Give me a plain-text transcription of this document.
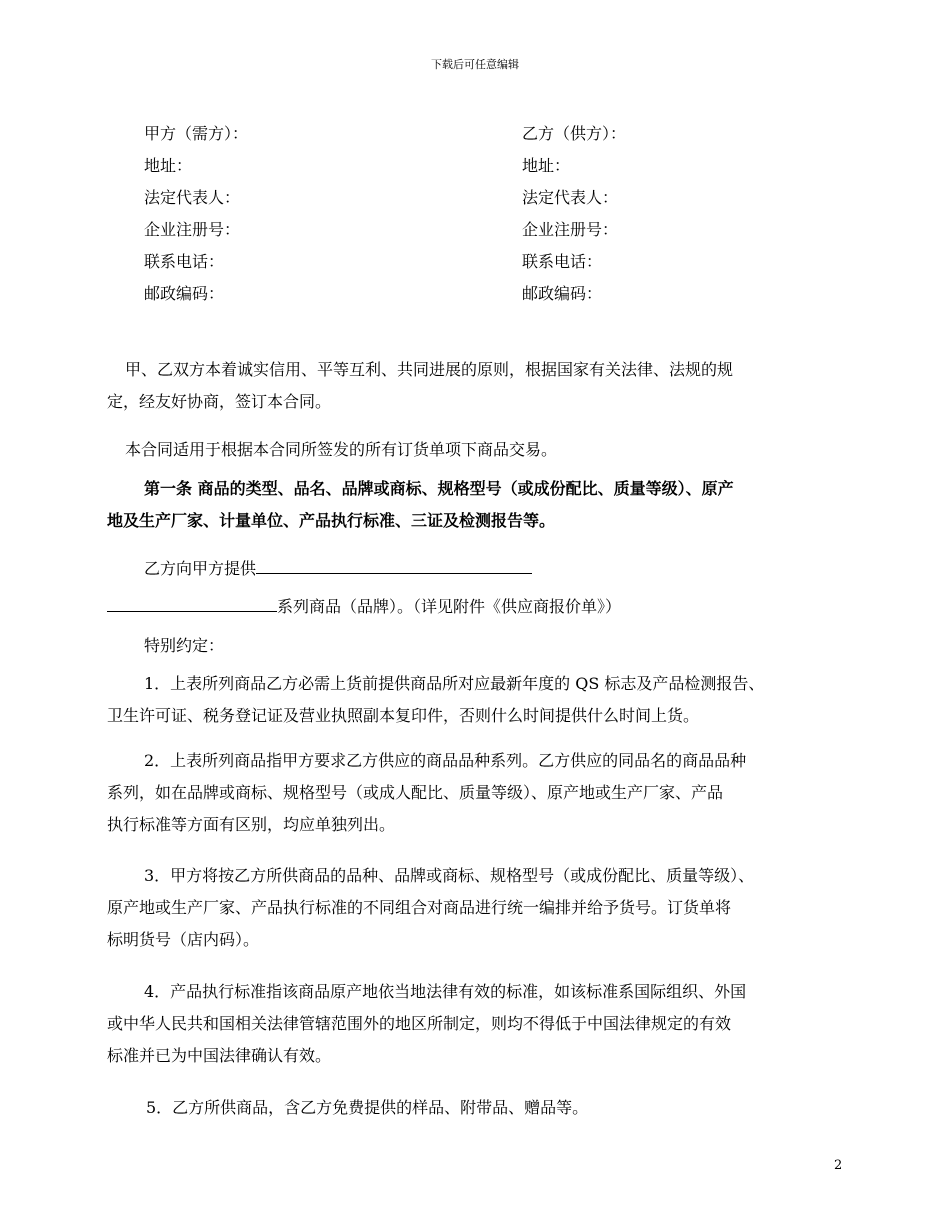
下载后可任意编辑
甲方（需方）：	乙方（供方）：
地址：	地址：
法定代表人：	法定代表人：
企业注册号：	企业注册号：
联系电话：	联系电话：
邮政编码：	邮政编码：
甲、乙双方本着诚实信用、平等互利、共同进展的原则，根据国家有关法律、法规的规
定，经友好协商，签订本合同。
本合同适用于根据本合同所签发的所有订货单项下商品交易。
第一条 商品的类型、品名、品牌或商标、规格型号（或成份配比、质量等级）、原产
地及生产厂家、计量单位、产品执行标准、三证及检测报告等。
乙方向甲方提供
系列商品（品牌）。（详见附件《供应商报价单》）
特别约定：
1．上表所列商品乙方必需上货前提供商品所对应最新年度的 QS 标志及产品检测报告、
卫生许可证、税务登记证及营业执照副本复印件，否则什么时间提供什么时间上货。
2．上表所列商品指甲方要求乙方供应的商品品种系列。乙方供应的同品名的商品品种
系列，如在品牌或商标、规格型号（或成人配比、质量等级）、原产地或生产厂家、产品
执行标准等方面有区别，均应单独列出。
3．甲方将按乙方所供商品的品种、品牌或商标、规格型号（或成份配比、质量等级）、
原产地或生产厂家、产品执行标准的不同组合对商品进行统一编排并给予货号。订货单将
标明货号（店内码）。
4．产品执行标准指该商品原产地依当地法律有效的标准，如该标准系国际组织、外国
或中华人民共和国相关法律管辖范围外的地区所制定，则均不得低于中国法律规定的有效
标准并已为中国法律确认有效。
5．乙方所供商品，含乙方免费提供的样品、附带品、赠品等。
2
